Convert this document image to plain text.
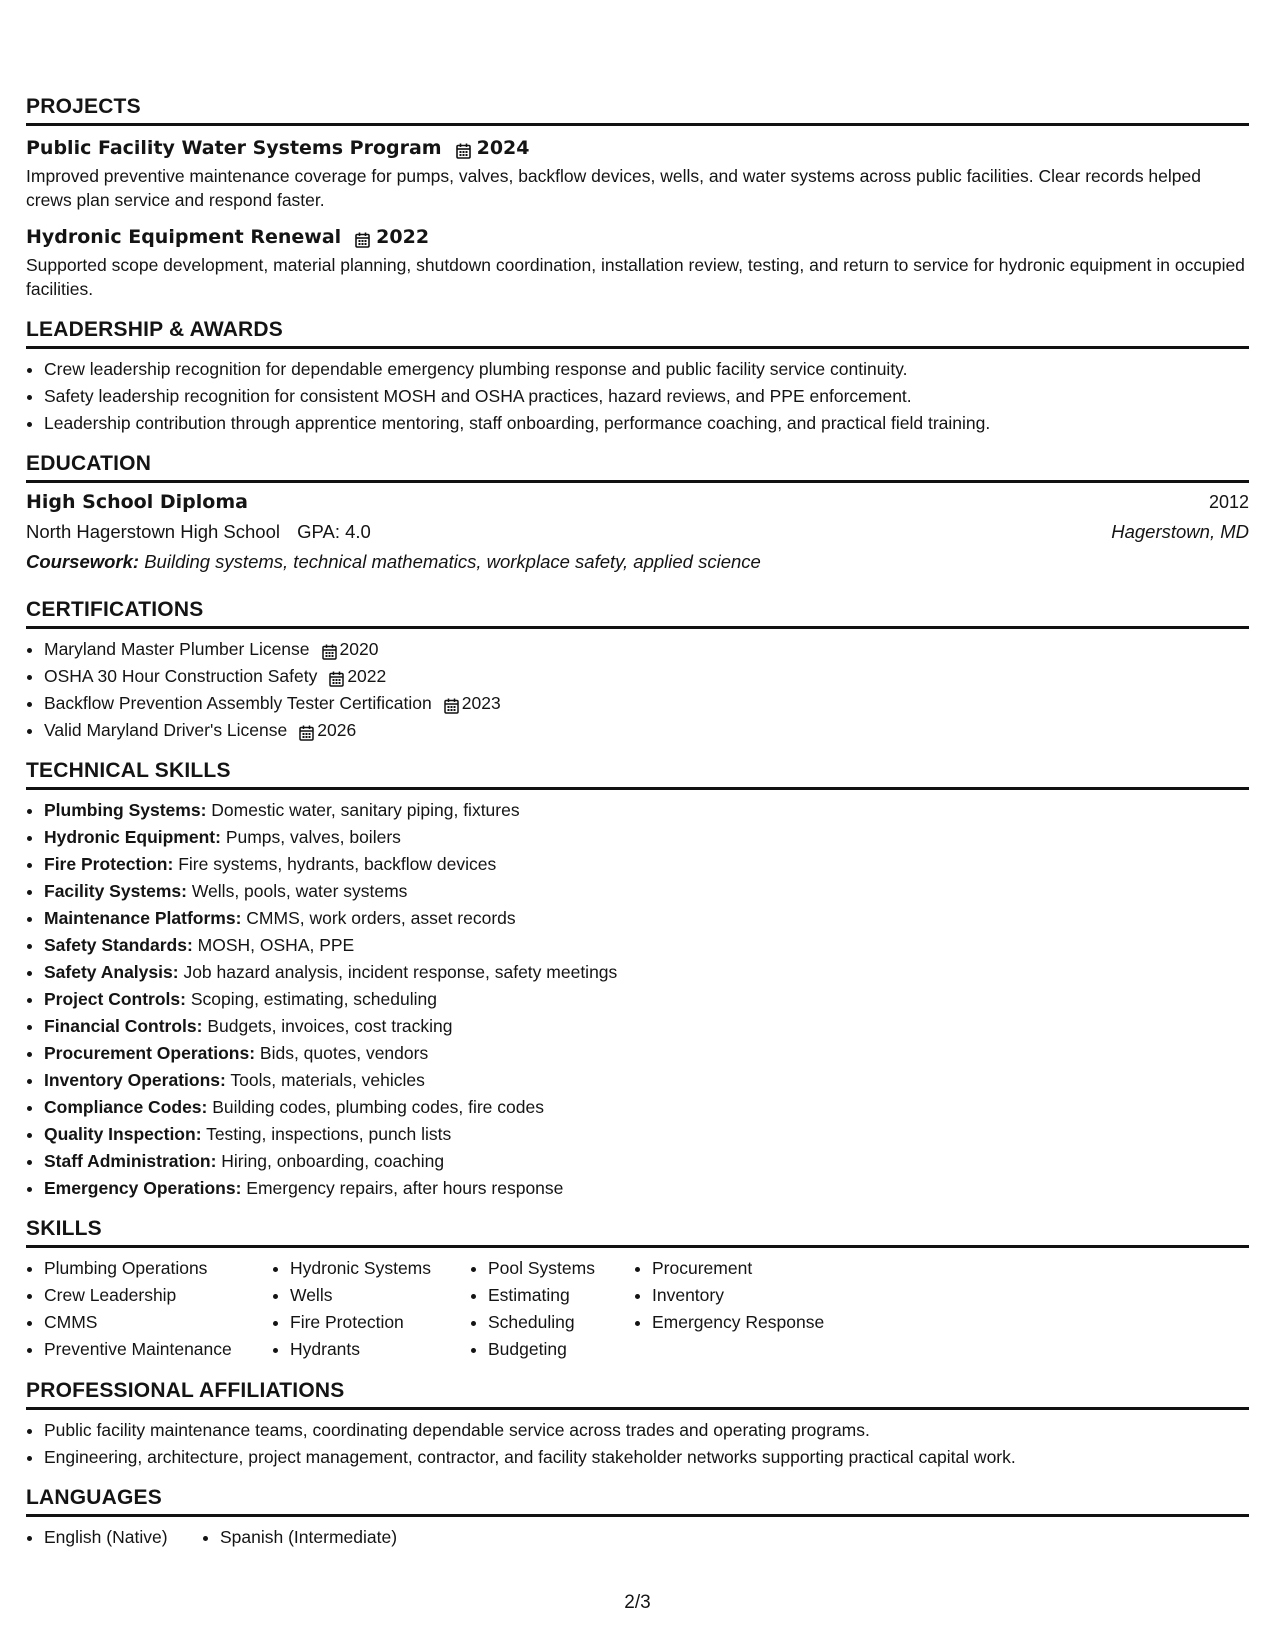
PROJECTS
Public Facility Water Systems Program 2024
Improved preventive maintenance coverage for pumps, valves, backflow devices, wells, and water systems across public facilities. Clear records helped crews plan service and respond faster.
Hydronic Equipment Renewal 2022
Supported scope development, material planning, shutdown coordination, installation review, testing, and return to service for hydronic equipment in occupied facilities.
LEADERSHIP & AWARDS
• Crew leadership recognition for dependable emergency plumbing response and public facility service continuity.
• Safety leadership recognition for consistent MOSH and OSHA practices, hazard reviews, and PPE enforcement.
• Leadership contribution through apprentice mentoring, staff onboarding, performance coaching, and practical field training.
EDUCATION
High School Diploma	2012
North Hagerstown High School GPA: 4.0	Hagerstown, MD
Coursework: Building systems, technical mathematics, workplace safety, applied science
CERTIFICATIONS
• Maryland Master Plumber License 2020
• OSHA 30 Hour Construction Safety 2022
• Backflow Prevention Assembly Tester Certification 2023
• Valid Maryland Driver's License 2026
TECHNICAL SKILLS
• Plumbing Systems: Domestic water, sanitary piping, fixtures
• Hydronic Equipment: Pumps, valves, boilers
• Fire Protection: Fire systems, hydrants, backflow devices
• Facility Systems: Wells, pools, water systems
• Maintenance Platforms: CMMS, work orders, asset records
• Safety Standards: MOSH, OSHA, PPE
• Safety Analysis: Job hazard analysis, incident response, safety meetings
• Project Controls: Scoping, estimating, scheduling
• Financial Controls: Budgets, invoices, cost tracking
• Procurement Operations: Bids, quotes, vendors
• Inventory Operations: Tools, materials, vehicles
• Compliance Codes: Building codes, plumbing codes, fire codes
• Quality Inspection: Testing, inspections, punch lists
• Staff Administration: Hiring, onboarding, coaching
• Emergency Operations: Emergency repairs, after hours response
SKILLS
• Plumbing Operations
• Crew Leadership
• CMMS
• Preventive Maintenance
• Hydronic Systems
• Wells
• Fire Protection
• Hydrants
• Pool Systems
• Estimating
• Scheduling
• Budgeting
• Procurement
• Inventory
• Emergency Response
PROFESSIONAL AFFILIATIONS
• Public facility maintenance teams, coordinating dependable service across trades and operating programs.
• Engineering, architecture, project management, contractor, and facility stakeholder networks supporting practical capital work.
LANGUAGES
• English (Native)
•	Spanish (Intermediate)
2/3
